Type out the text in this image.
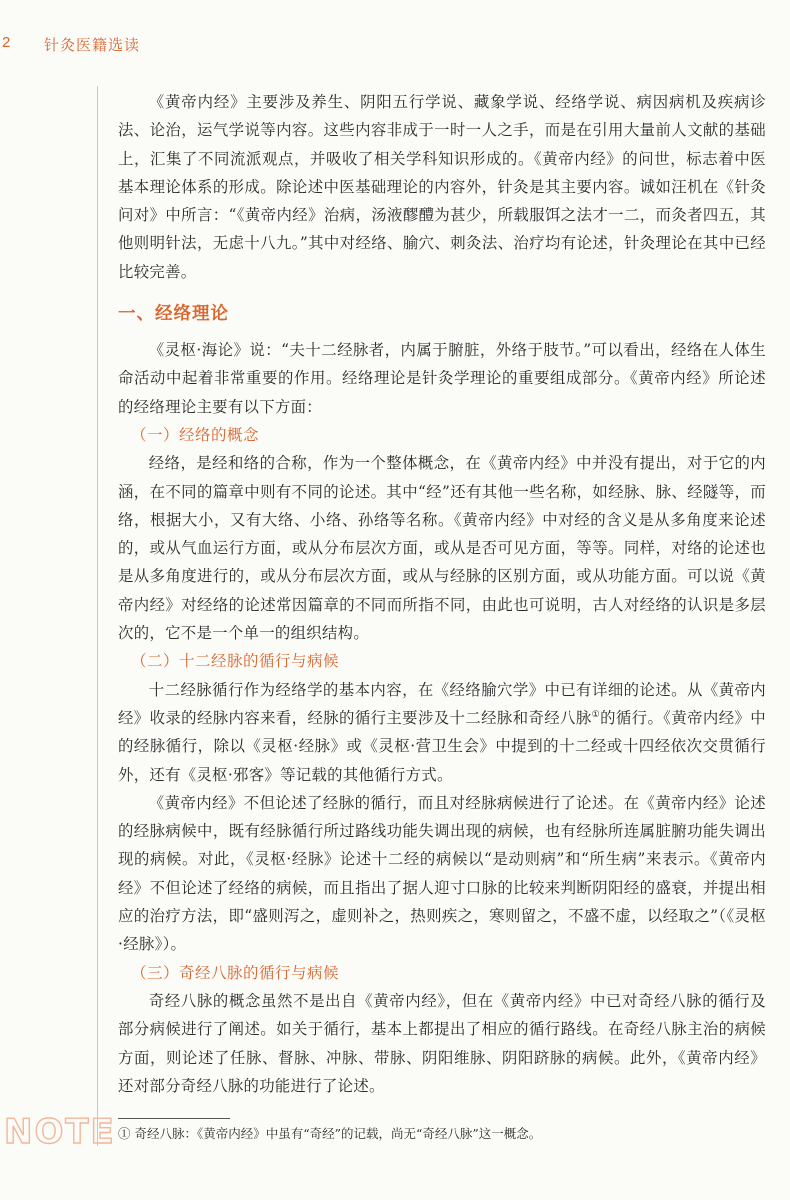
2 针灸医籍选读

《黄帝内经》主要涉及养生、阴阳五行学说、藏象学说、经络学说、病因病机及疾病诊法、论治，运气学说等内容。这些内容非成于一时一人之手，而是在引用大量前人文献的基础上，汇集了不同流派观点，并吸收了相关学科知识形成的。《黄帝内经》的问世，标志着中医基本理论体系的形成。除论述中医基础理论的内容外，针灸是其主要内容。诚如汪机在《针灸问对》中所言：“《黄帝内经》治病，汤液醪醴为甚少，所载服饵之法才一二，而灸者四五，其他则明针法，无虑十八九。”其中对经络、腧穴、刺灸法、治疗均有论述，针灸理论在其中已经比较完善。

一、经络理论

《灵枢·海论》说：“夫十二经脉者，内属于腑脏，外络于肢节。”可以看出，经络在人体生命活动中起着非常重要的作用。经络理论是针灸学理论的重要组成部分。《黄帝内经》所论述的经络理论主要有以下方面：

（一）经络的概念

经络，是经和络的合称，作为一个整体概念，在《黄帝内经》中并没有提出，对于它的内涵，在不同的篇章中则有不同的论述。其中“经”还有其他一些名称，如经脉、脉、经隧等，而络，根据大小，又有大络、小络、孙络等名称。《黄帝内经》中对经的含义是从多角度来论述的，或从气血运行方面，或从分布层次方面，或从是否可见方面，等等。同样，对络的论述也是从多角度进行的，或从分布层次方面，或从与经脉的区别方面，或从功能方面。可以说《黄帝内经》对经络的论述常因篇章的不同而所指不同，由此也可说明，古人对经络的认识是多层次的，它不是一个单一的组织结构。

（二）十二经脉的循行与病候

十二经脉循行作为经络学的基本内容，在《经络腧穴学》中已有详细的论述。从《黄帝内经》收录的经脉内容来看，经脉的循行主要涉及十二经脉和奇经八脉①的循行。《黄帝内经》中的经脉循行，除以《灵枢·经脉》或《灵枢·营卫生会》中提到的十二经或十四经依次交贯循行外，还有《灵枢·邪客》等记载的其他循行方式。

《黄帝内经》不但论述了经脉的循行，而且对经脉病候进行了论述。在《黄帝内经》论述的经脉病候中，既有经脉循行所过路线功能失调出现的病候，也有经脉所连属脏腑功能失调出现的病候。对此，《灵枢·经脉》论述十二经的病候以“是动则病”和“所生病”来表示。《黄帝内经》不但论述了经络的病候，而且指出了据人迎寸口脉的比较来判断阴阳经的盛衰，并提出相应的治疗方法，即“盛则泻之，虚则补之，热则疾之，寒则留之，不盛不虚，以经取之”（《灵枢·经脉》）。

（三）奇经八脉的循行与病候

奇经八脉的概念虽然不是出自《黄帝内经》，但在《黄帝内经》中已对奇经八脉的循行及部分病候进行了阐述。如关于循行，基本上都提出了相应的循行路线。在奇经八脉主治的病候方面，则论述了任脉、督脉、冲脉、带脉、阴阳维脉、阴阳跻脉的病候。此外，《黄帝内经》还对部分奇经八脉的功能进行了论述。

NOTE ① 奇经八脉：《黄帝内经》中虽有“奇经”的记载，尚无“奇经八脉”这一概念。
